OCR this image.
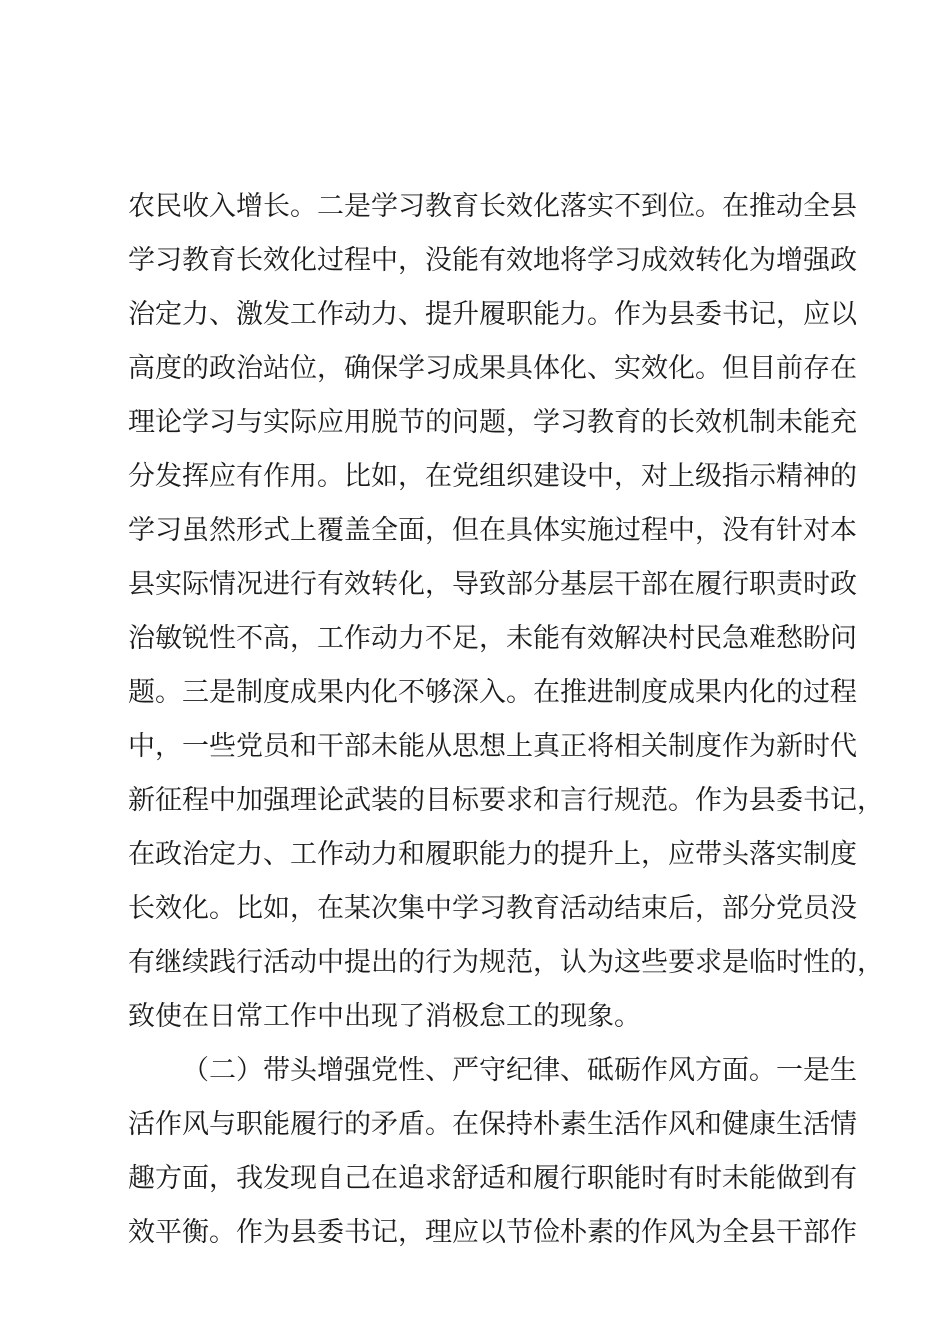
农民收入增长。二是学习教育长效化落实不到位。在推动全县
学习教育长效化过程中，没能有效地将学习成效转化为增强政
治定力、激发工作动力、提升履职能力。作为县委书记，应以
高度的政治站位，确保学习成果具体化、实效化。但目前存在
理论学习与实际应用脱节的问题，学习教育的长效机制未能充
分发挥应有作用。比如，在党组织建设中，对上级指示精神的
学习虽然形式上覆盖全面，但在具体实施过程中，没有针对本
县实际情况进行有效转化，导致部分基层干部在履行职责时政
治敏锐性不高，工作动力不足，未能有效解决村民急难愁盼问
题。三是制度成果内化不够深入。在推进制度成果内化的过程
中，一些党员和干部未能从思想上真正将相关制度作为新时代
新征程中加强理论武装的目标要求和言行规范。作为县委书记，
在政治定力、工作动力和履职能力的提升上，应带头落实制度
长效化。比如，在某次集中学习教育活动结束后，部分党员没
有继续践行活动中提出的行为规范，认为这些要求是临时性的，
致使在日常工作中出现了消极怠工的现象。
（二）带头增强党性、严守纪律、砥砺作风方面。一是生
活作风与职能履行的矛盾。在保持朴素生活作风和健康生活情
趣方面，我发现自己在追求舒适和履行职能时有时未能做到有
效平衡。作为县委书记，理应以节俭朴素的作风为全县干部作
